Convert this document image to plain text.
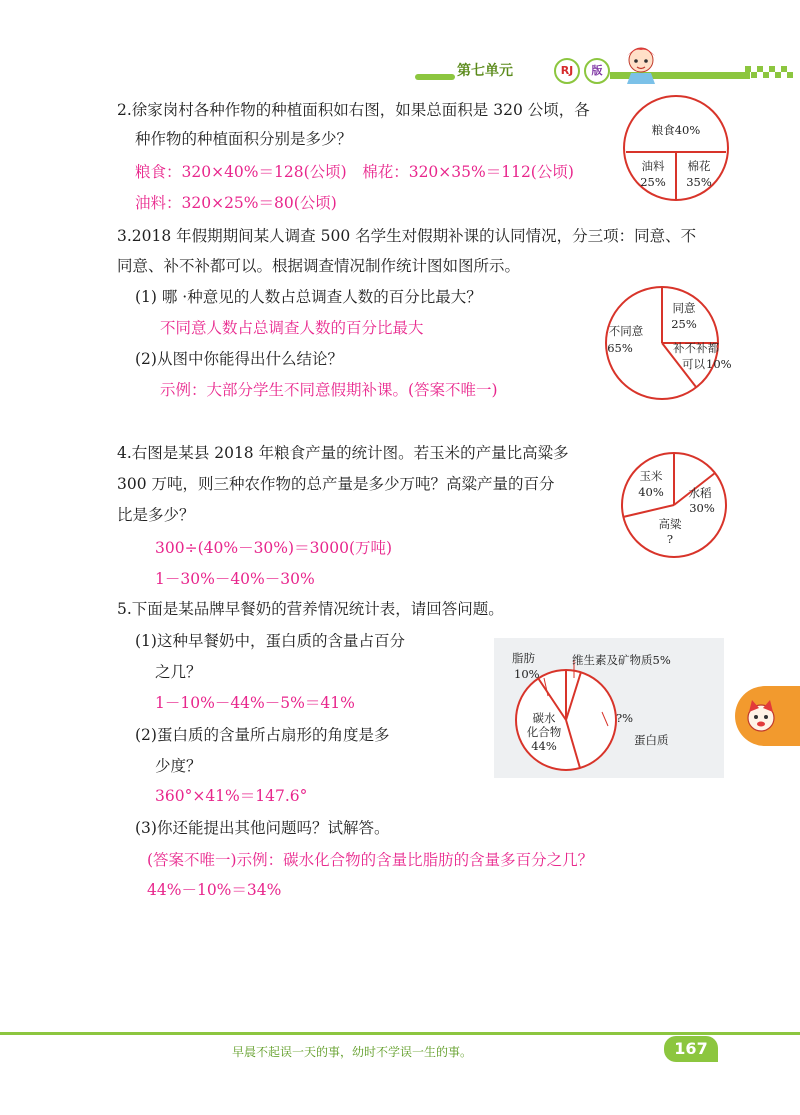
第七单元	RJ	版
2.徐家岗村各种作物的种植面积如右图，如果总面积是 320 公顷，各
种作物的种植面积分别是多少？
粮食：320×40%＝128(公顷)　棉花：320×35%＝112(公顷)
油料：320×25%＝80(公顷)
粮食40%
油料
25%
棉花
35%
3.2018 年假期期间某人调查 500 名学生对假期补课的认同情况，分三项：同意、不
同意、补不补都可以。根据调查情况制作统计图如图所示。
(1) 哪 ·种意见的人数占总调查人数的百分比最大？
不同意人数占总调查人数的百分比最大
(2)从图中你能得出什么结论？
示例：大部分学生不同意假期补课。(答案不唯一)
同意
25%
不同意
65%	补不补都
可以 10%
4.右图是某县 2018 年粮食产量的统计图。若玉米的产量比高粱多
300 万吨，则三种农作物的总产量是多少万吨？高粱产量的百分
比是多少？
300÷(40%－30%)＝3000(万吨)
1－30%－40%－30%
玉米
40% 水稻
30%
高粱
?
5.下面是某品牌早餐奶的营养情况统计表，请回答问题。
(1)这种早餐奶中，蛋白质的含量占百分
之几？
1－10%－44%－5%＝41%
(2)蛋白质的含量所占扇形的角度是多
少度？
360°×41%＝147.6°
(3)你还能提出其他问题吗？试解答。
(答案不唯一)示例：碳水化合物的含量比脂肪的含量多百分之几？
44%－10%＝34%
脂肪
10%
维生素及矿物质5%
碳水
化合物
44%
?%
蛋白质
早晨不起误一天的事，幼时不学误一生的事。	167
